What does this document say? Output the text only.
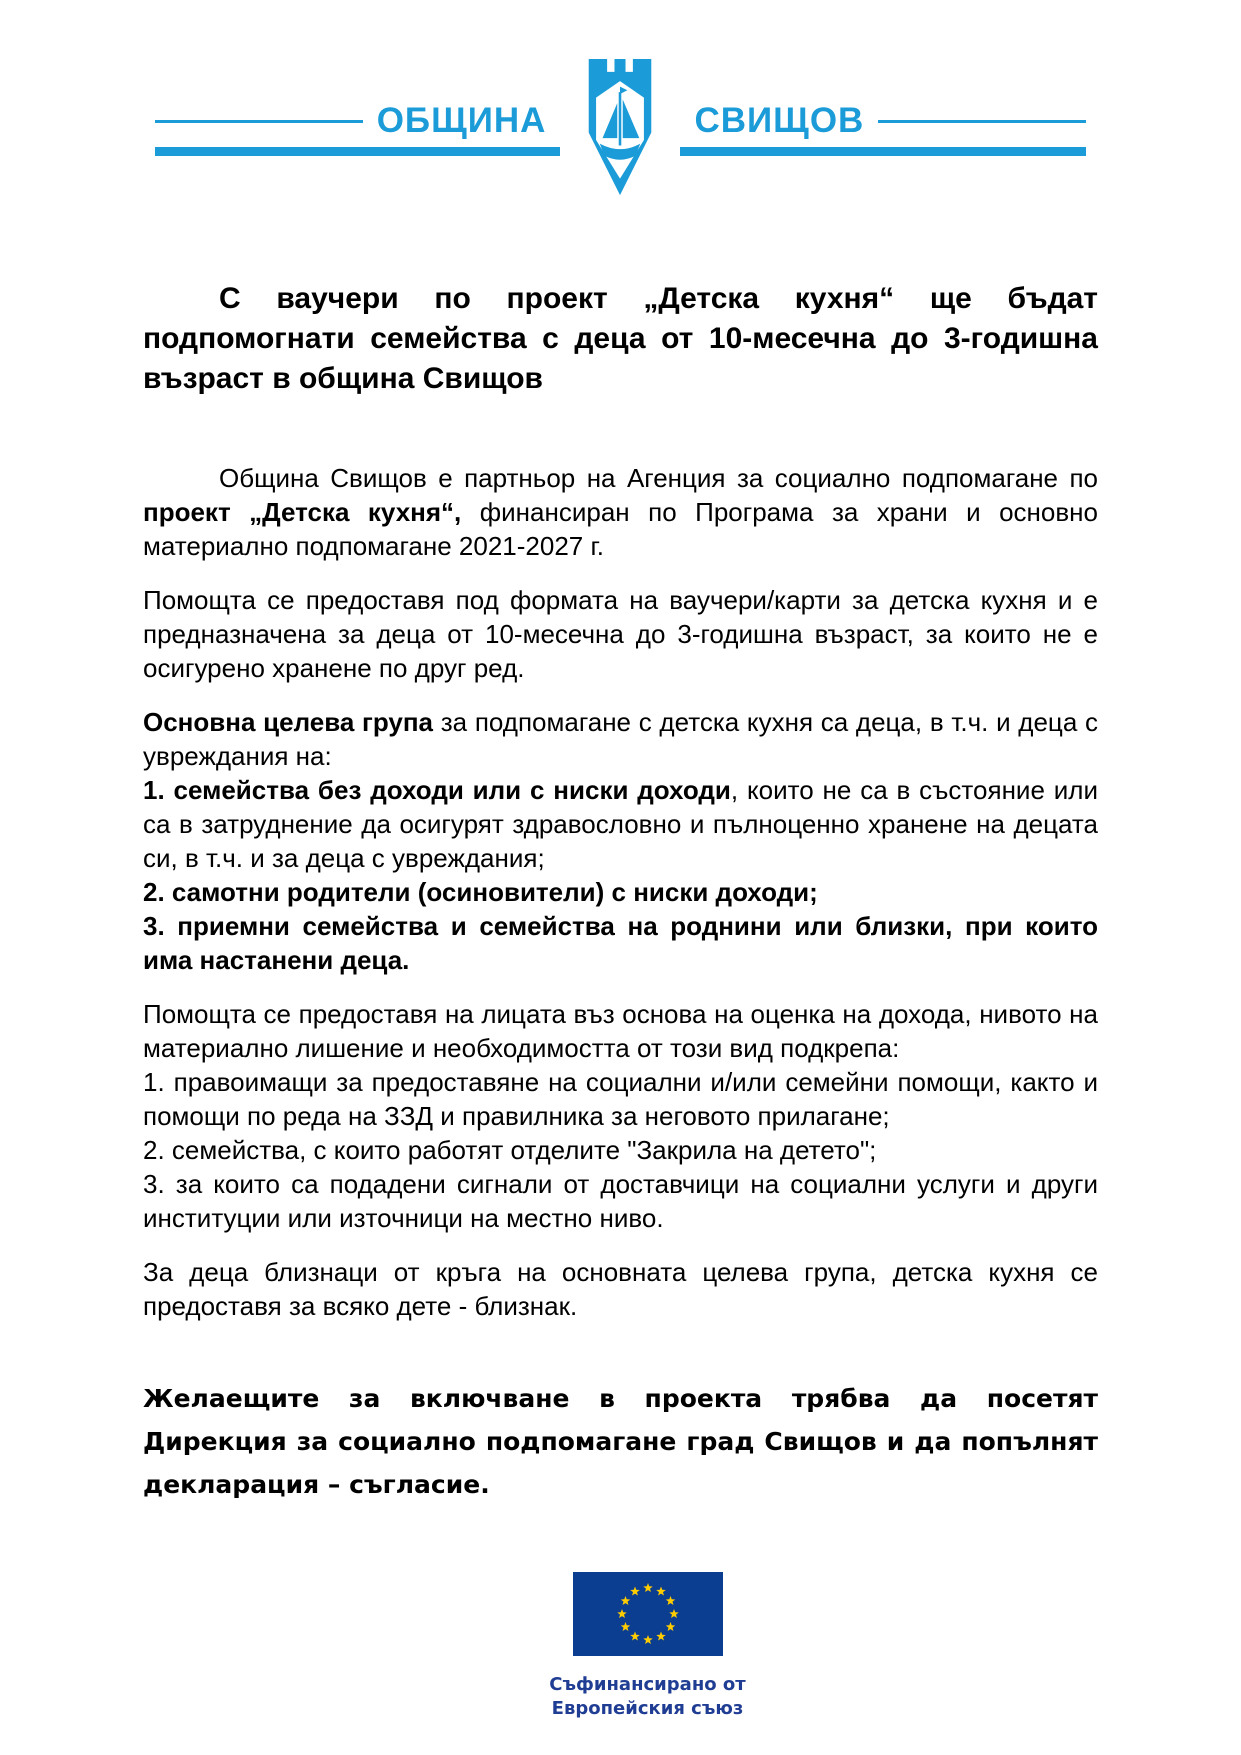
ОБЩИНА	СВИЩОВ
С ваучери по проект „Детска кухня“ ще бъдат подпомогнати семейства с деца от 10-месечна до 3-годишна възраст в община Свищов
Община Свищов е партньор на Агенция за социално подпомагане по проект „Детска кухня“, финансиран по Програма за храни и основно материално подпомагане 2021-2027 г.
Помощта се предоставя под формата на ваучери/карти за детска кухня и е предназначена за деца от 10-месечна до 3-годишна възраст, за които не е осигурено хранене по друг ред.
Основна целева група за подпомагане с детска кухня са деца, в т.ч. и деца с увреждания на:
1. семейства без доходи или с ниски доходи, които не са в състояние или са в затруднение да осигурят здравословно и пълноценно хранене на децата си, в т.ч. и за деца с увреждания;
2. самотни родители (осиновители) с ниски доходи;
3. приемни семейства и семейства на роднини или близки, при които има настанени деца.
Помощта се предоставя на лицата въз основа на оценка на дохода, нивото на материално лишение и необходимостта от този вид подкрепа:
1. правоимащи за предоставяне на социални и/или семейни помощи, както и помощи по реда на ЗЗД и правилника за неговото прилагане;
2. семейства, с които работят отделите "Закрила на детето";
3. за които са подадени сигнали от доставчици на социални услуги и други институции или източници на местно ниво.
За деца близнаци от кръга на основната целева група, детска кухня се предоставя за всяко дете - близнак.
Желаещите за включване в проекта трябва да посетят Дирекция за социално подпомагане град Свищов и да попълнят декларация – съгласие.
Съфинансирано от
Европейския съюз
